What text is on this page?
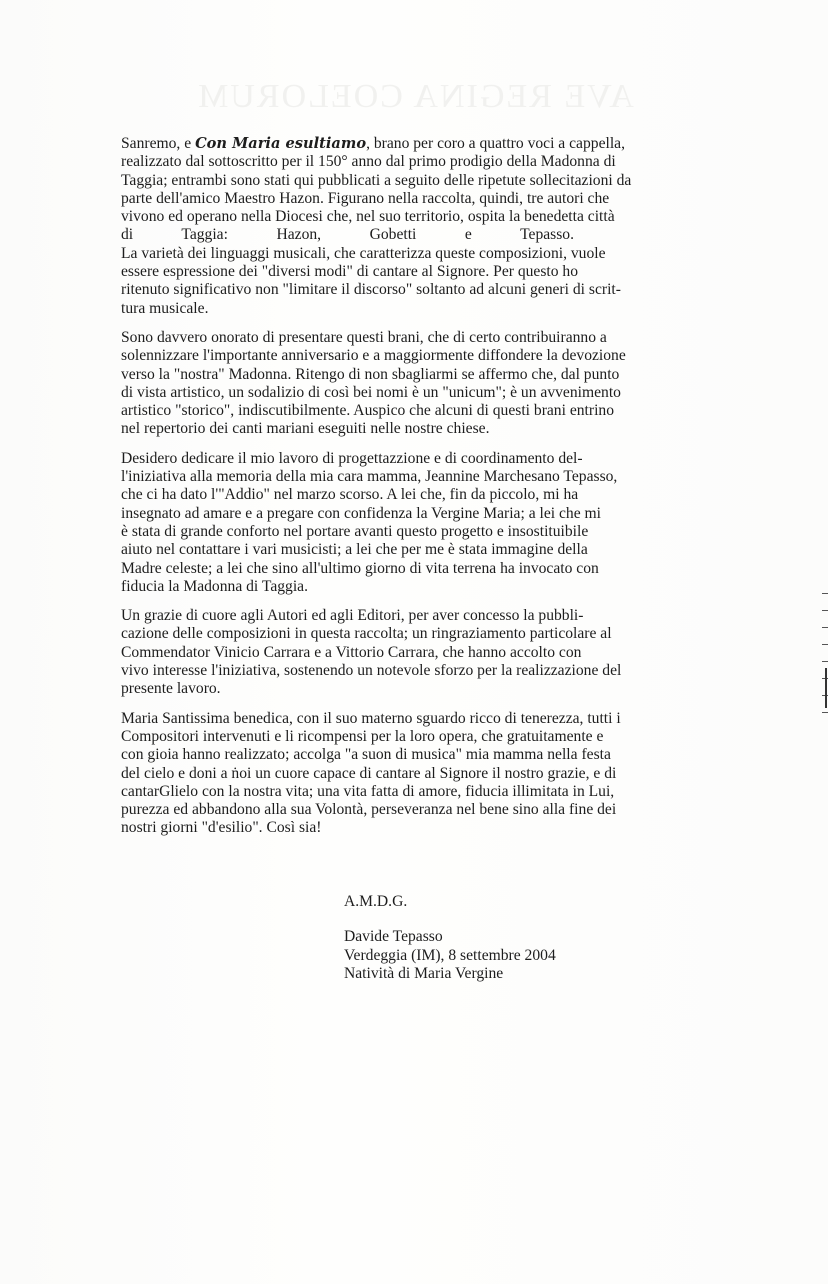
AVE REGINA COELORUM
Sanremo, e Con Maria esultiamo, brano per coro a quattro voci a cappella,
realizzato dal sottoscritto per il 150° anno dal primo prodigio della Madonna di
Taggia; entrambi sono stati qui pubblicati a seguito delle ripetute sollecitazioni da
parte dell'amico Maestro Hazon. Figurano nella raccolta, quindi, tre autori che
vivono ed operano nella Diocesi che, nel suo territorio, ospita la benedetta città
di Taggia: Hazon, Gobetti e Tepasso.
La varietà dei linguaggi musicali, che caratterizza queste composizioni, vuole
essere espressione dei "diversi modi" di cantare al Signore. Per questo ho
ritenuto significativo non "limitare il discorso" soltanto ad alcuni generi di scrit-
tura musicale.
Sono davvero onorato di presentare questi brani, che di certo contribuiranno a
solennizzare l'importante anniversario e a maggiormente diffondere la devozione
verso la "nostra" Madonna. Ritengo di non sbagliarmi se affermo che, dal punto
di vista artistico, un sodalizio di così bei nomi è un "unicum"; è un avvenimento
artistico "storico", indiscutibilmente. Auspico che alcuni di questi brani entrino
nel repertorio dei canti mariani eseguiti nelle nostre chiese.
Desidero dedicare il mio lavoro di progettazzione e di coordinamento del-
l'iniziativa alla memoria della mia cara mamma, Jeannine Marchesano Tepasso,
che ci ha dato l'"Addio" nel marzo scorso. A lei che, fin da piccolo, mi ha
insegnato ad amare e a pregare con confidenza la Vergine Maria; a lei che mi
è stata di grande conforto nel portare avanti questo progetto e insostituibile
aiuto nel contattare i vari musicisti; a lei che per me è stata immagine della
Madre celeste; a lei che sino all'ultimo giorno di vita terrena ha invocato con
fiducia la Madonna di Taggia.
Un grazie di cuore agli Autori ed agli Editori, per aver concesso la pubbli-
cazione delle composizioni in questa raccolta; un ringraziamento particolare al
Commendator Vinicio Carrara e a Vittorio Carrara, che hanno accolto con
vivo interesse l'iniziativa, sostenendo un notevole sforzo per la realizzazione del
presente lavoro.
Maria Santissima benedica, con il suo materno sguardo ricco di tenerezza, tutti i
Compositori intervenuti e li ricompensi per la loro opera, che gratuitamente e
con gioia hanno realizzato; accolga "a suon di musica" mia mamma nella festa
del cielo e doni a ṅoi un cuore capace di cantare al Signore il nostro grazie, e di
cantarGlielo con la nostra vita; una vita fatta di amore, fiducia illimitata in Lui,
purezza ed abbandono alla sua Volontà, perseveranza nel bene sino alla fine dei
nostri giorni "d'esilio". Così sia!
A.M.D.G.
Davide Tepasso
Verdeggia (IM), 8 settembre 2004
Natività di Maria Vergine
